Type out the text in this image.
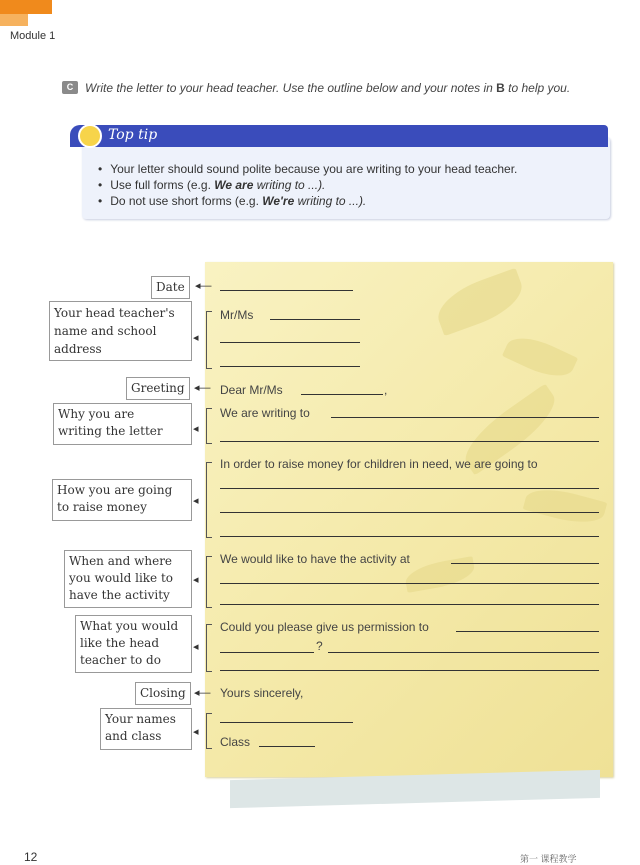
Module 1
C Write the letter to your head teacher. Use the outline below and your notes in B to help you.
Top tip
• Your letter should sound polite because you are writing to your head teacher.
• Use full forms (e.g. We are writing to ...).
• Do not use short forms (e.g. We're writing to ...).
Date ◂—
Your head teacher's
name and school
address
◂
Mr/Ms
Greeting ◂— Dear Mr/Ms	,
Why you are
writing the letter	◂
We are writing to
How you are going
to raise money	◂
In order to raise money for children in need, we are going to
When and where
you would like to
have the activity
◂
We would like to have the activity at
What you would
like the head
teacher to do
◂
Could you please give us permission to
?
Closing ◂— Yours sincerely,
Your names
and class	◂
Class
12	第一 课程教学
